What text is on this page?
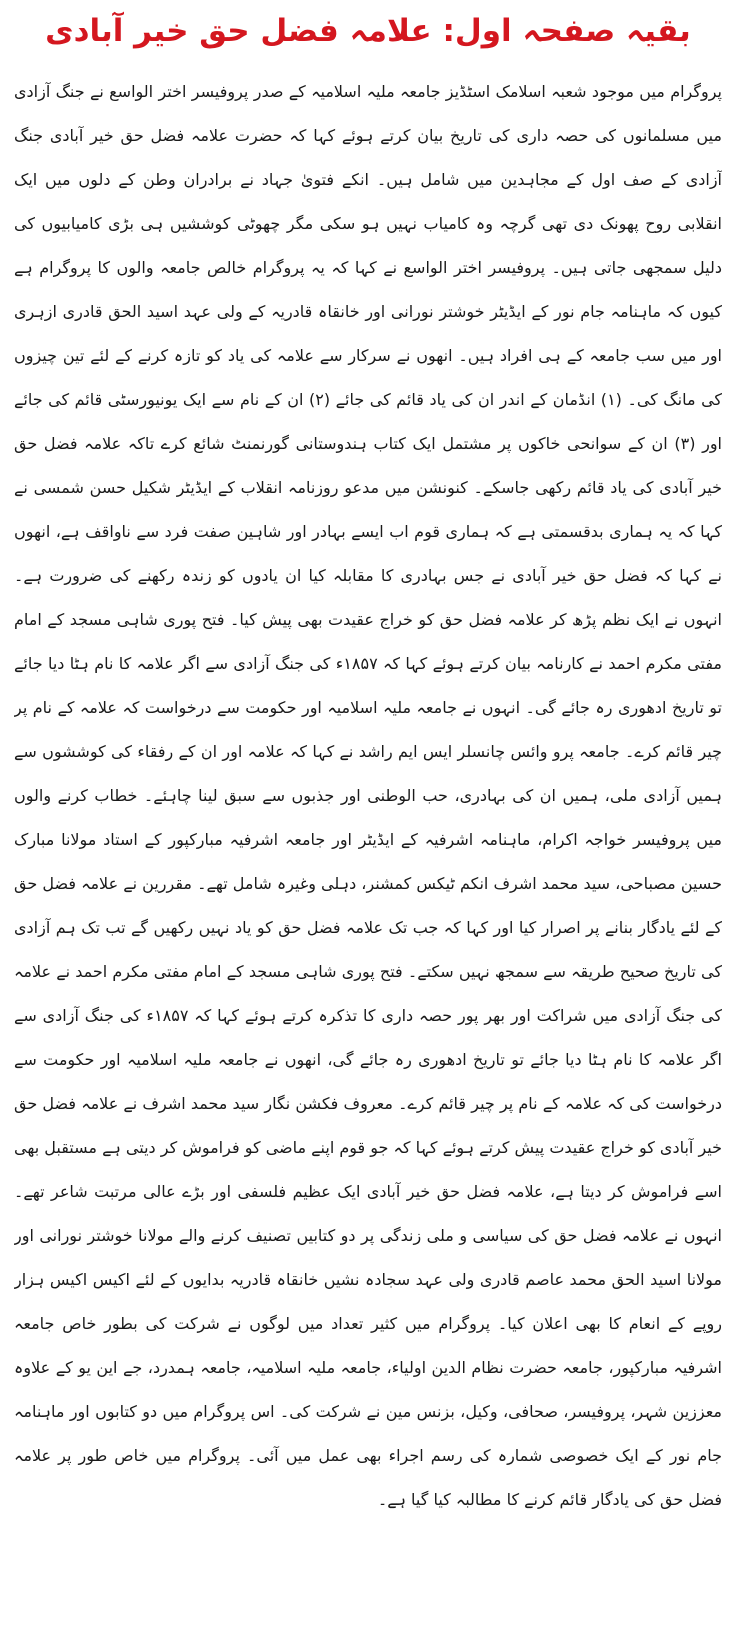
بقیہ صفحہ اول: علامہ فضل حق خیر آبادی
پروگرام میں موجود شعبہ اسلامک اسٹڈیز جامعہ ملیہ اسلامیہ کے صدر پروفیسر اختر الواسع نے جنگ آزادی میں مسلمانوں کی حصہ داری کی تاریخ بیان کرتے ہوئے کہا کہ حضرت علامہ فضل حق خیر آبادی جنگ آزادی کے صف اول کے مجاہدین میں شامل ہیں۔ انکے فتویٰ جہاد نے برادران وطن کے دلوں میں ایک انقلابی روح پھونک دی تھی گرچہ وہ کامیاب نہیں ہو سکی مگر چھوٹی کوششیں ہی بڑی کامیابیوں کی دلیل سمجھی جاتی ہیں۔ پروفیسر اختر الواسع نے کہا کہ یہ پروگرام خالص جامعہ والوں کا پروگرام ہے کیوں کہ ماہنامہ جام نور کے ایڈیٹر خوشتر نورانی اور خانقاہ قادریہ کے ولی عہد اسید الحق قادری ازہری اور میں سب جامعہ کے ہی افراد ہیں۔ انھوں نے سرکار سے علامہ کی یاد کو تازہ کرنے کے لئے تین چیزوں کی مانگ کی۔ (۱) انڈمان کے اندر ان کی یاد قائم کی جائے (۲) ان کے نام سے ایک یونیورسٹی قائم کی جائے اور (۳) ان کے سوانحی خاکوں پر مشتمل ایک کتاب ہندوستانی گورنمنٹ شائع کرے تاکہ علامہ فضل حق خیر آبادی کی یاد قائم رکھی جاسکے۔ کنونشن میں مدعو روزنامہ انقلاب کے ایڈیٹر شکیل حسن شمسی نے کہا کہ یہ ہماری بدقسمتی ہے کہ ہماری قوم اب ایسے بہادر اور شاہین صفت فرد سے ناواقف ہے، انھوں نے کہا کہ فضل حق خیر آبادی نے جس بہادری کا مقابلہ کیا ان یادوں کو زندہ رکھنے کی ضرورت ہے۔ انہوں نے ایک نظم پڑھ کر علامہ فضل حق کو خراج عقیدت بھی پیش کیا۔ فتح پوری شاہی مسجد کے امام مفتی مکرم احمد نے کارنامہ بیان کرتے ہوئے کہا کہ ۱۸۵۷ء کی جنگ آزادی سے اگر علامہ کا نام ہٹا دیا جائے تو تاریخ ادھوری رہ جائے گی۔ انہوں نے جامعہ ملیہ اسلامیہ اور حکومت سے درخواست کہ علامہ کے نام پر چیر قائم کرے۔ جامعہ پرو وائس چانسلر ایس ایم راشد نے کہا کہ علامہ اور ان کے رفقاء کی کوششوں سے ہمیں آزادی ملی، ہمیں ان کی بہادری، حب الوطنی اور جذبوں سے سبق لینا چاہئے۔ خطاب کرنے والوں میں پروفیسر خواجہ اکرام، ماہنامہ اشرفیہ کے ایڈیٹر اور جامعہ اشرفیہ مبارکپور کے استاد مولانا مبارک حسین مصباحی، سید محمد اشرف انکم ٹیکس کمشنر، دہلی وغیرہ شامل تھے۔ مقررین نے علامہ فضل حق کے لئے یادگار بنانے پر اصرار کیا اور کہا کہ جب تک علامہ فضل حق کو یاد نہیں رکھیں گے تب تک ہم آزادی کی تاریخ صحیح طریقہ سے سمجھ نہیں سکتے۔ فتح پوری شاہی مسجد کے امام مفتی مکرم احمد نے علامہ کی جنگ آزادی میں شراکت اور بھر پور حصہ داری کا تذکرہ کرتے ہوئے کہا کہ ۱۸۵۷ء کی جنگ آزادی سے اگر علامہ کا نام ہٹا دیا جائے تو تاریخ ادھوری رہ جائے گی، انھوں نے جامعہ ملیہ اسلامیہ اور حکومت سے درخواست کی کہ علامہ کے نام پر چیر قائم کرے۔ معروف فکشن نگار سید محمد اشرف نے علامہ فضل حق خیر آبادی کو خراج عقیدت پیش کرتے ہوئے کہا کہ جو قوم اپنے ماضی کو فراموش کر دیتی ہے مستقبل بھی اسے فراموش کر دیتا ہے، علامہ فضل حق خیر آبادی ایک عظیم فلسفی اور بڑے عالی مرتبت شاعر تھے۔ انہوں نے علامہ فضل حق کی سیاسی و ملی زندگی پر دو کتابیں تصنیف کرنے والے مولانا خوشتر نورانی اور مولانا اسید الحق محمد عاصم قادری ولی عہد سجادہ نشیں خانقاہ قادریہ بدایوں کے لئے اکیس اکیس ہزار روپے کے انعام کا بھی اعلان کیا۔ پروگرام میں کثیر تعداد میں لوگوں نے شرکت کی بطور خاص جامعہ اشرفیہ مبارکپور، جامعہ حضرت نظام الدین اولیاء، جامعہ ملیہ اسلامیہ، جامعہ ہمدرد، جے این یو کے علاوہ معززین شہر، پروفیسر، صحافی، وکیل، بزنس مین نے شرکت کی۔ اس پروگرام میں دو کتابوں اور ماہنامہ جام نور کے ایک خصوصی شمارہ کی رسم اجراء بھی عمل میں آئی۔ پروگرام میں خاص طور پر علامہ فضل حق کی یادگار قائم کرنے کا مطالبہ کیا گیا ہے۔
